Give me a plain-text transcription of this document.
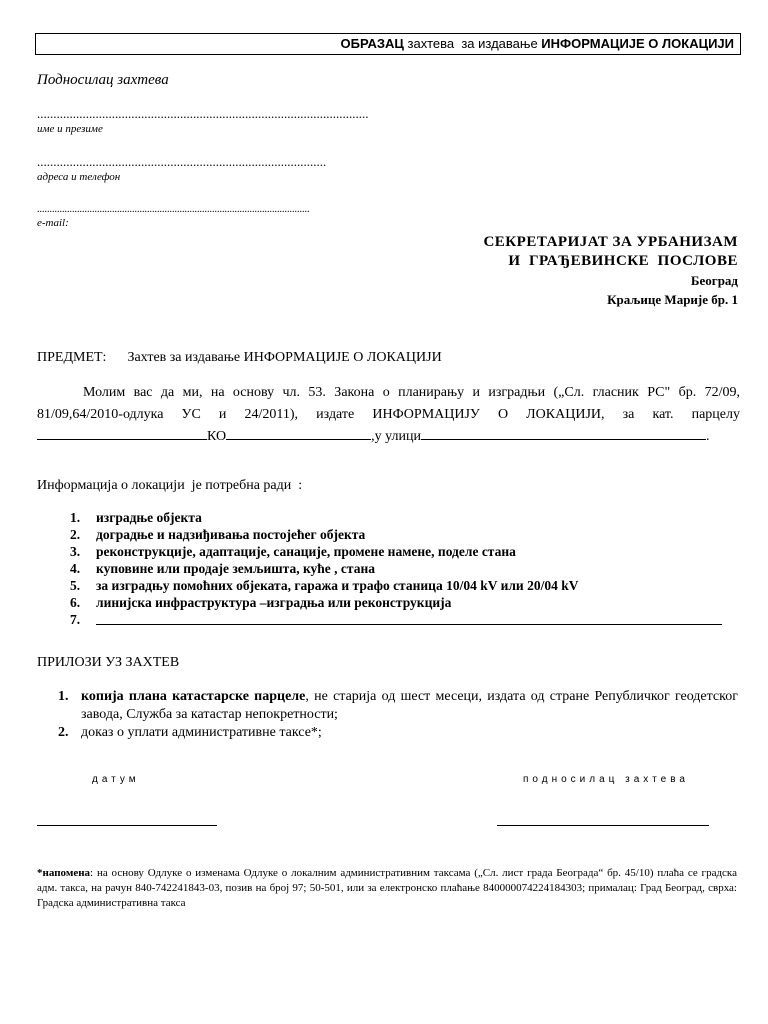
ОБРАЗАЦ захтева  за издавање ИНФОРМАЦИЈЕ О ЛОКАЦИЈИ
Подносилац захтева
......................................................................................................
име и презиме
.........................................................................................
адреса и телефон
.............................................................................................................
e-mail:
СЕКРЕТАРИЈАТ ЗА УРБАНИЗАМ
И  ГРАЂЕВИНСКЕ  ПОСЛОВЕ
Београд
Краљице Марије бр. 1
ПРЕДМЕТ: Захтев за издавање ИНФОРМАЦИЈЕ О ЛОКАЦИЈИ
Молим вас да ми, на основу чл. 53. Закона о планирању и изградњи („Сл. гласник РС" бр. 72/09, 81/09,64/2010-одлука УС и 24/2011), издате ИНФОРМАЦИЈУ О ЛОКАЦИЈИ, за кат. парцелу КО	,у улици	.
Информација о локацији  је потребна ради  :
1.	изградње објекта
2.	доградње и надзиђивања постојећег објекта
3.	реконструкције, адаптације, санације, промене намене, поделе стана
4.	куповине или продаје земљишта, куће , стана
5.	за изградњу помоћних објеката, гаража и трафо станица 10/04 kV или 20/04 kV
6.	линијска инфраструктура –изградња или реконструкција
7.
ПРИЛОЗИ УЗ ЗАХТЕВ
1. копија плана катастарске парцеле, не старија од шест месеци, издата од стране Републичког геодетског завода, Служба за катастар непокретности;
2. доказ о уплати административне таксе*;
датум	подносилац захтева
*напомена: на основу Одлуке о изменама Одлуке о локалним административним таксама („Сл. лист града Београда“ бр. 45/10) плаћа се градска адм. такса, на рачун 840-742241843-03, позив на број 97; 50-501, или за електронско плаћање 840000074224184303; прималац: Град Београд, сврха: Градска административна такса
